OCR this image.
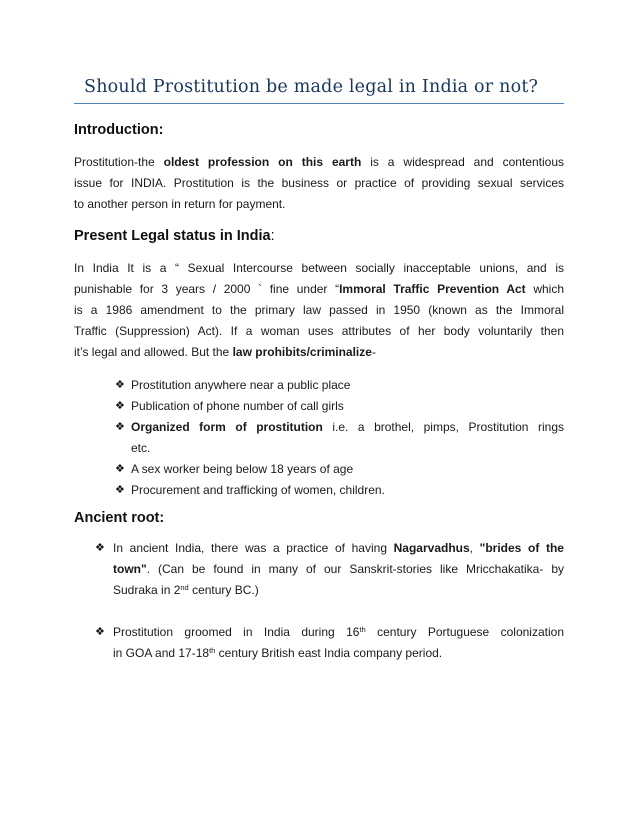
Should Prostitution be made legal in India or not?
Introduction:
Prostitution-the oldest profession on this earth is a widespread and contentious
issue for INDIA. Prostitution is the business or practice of providing sexual services
to another person in return for payment.
Present Legal status in India:
In India It is a “ Sexual Intercourse between socially inacceptable unions, and is
punishable for 3 years / 2000 ` fine under “Immoral Traffic Prevention Act which
is a 1986 amendment to the primary law passed in 1950 (known as the Immoral
Traffic (Suppression) Act). If a woman uses attributes of her body voluntarily then
it’s legal and allowed. But the law prohibits/criminalize-
❖ Prostitution anywhere near a public place
❖ Publication of phone number of call girls
❖ Organized form of prostitution i.e. a brothel, pimps, Prostitution rings
etc.
❖ A sex worker being below 18 years of age
❖ Procurement and trafficking of women, children.
Ancient root:
❖ In ancient India, there was a practice of having Nagarvadhus, "brides of the
town". (Can be found in many of our Sanskrit-stories like Mricchakatika- by
Sudraka in 2nd century BC.)
❖ Prostitution groomed in India during 16th century Portuguese colonization
in GOA and 17-18th century British east India company period.
